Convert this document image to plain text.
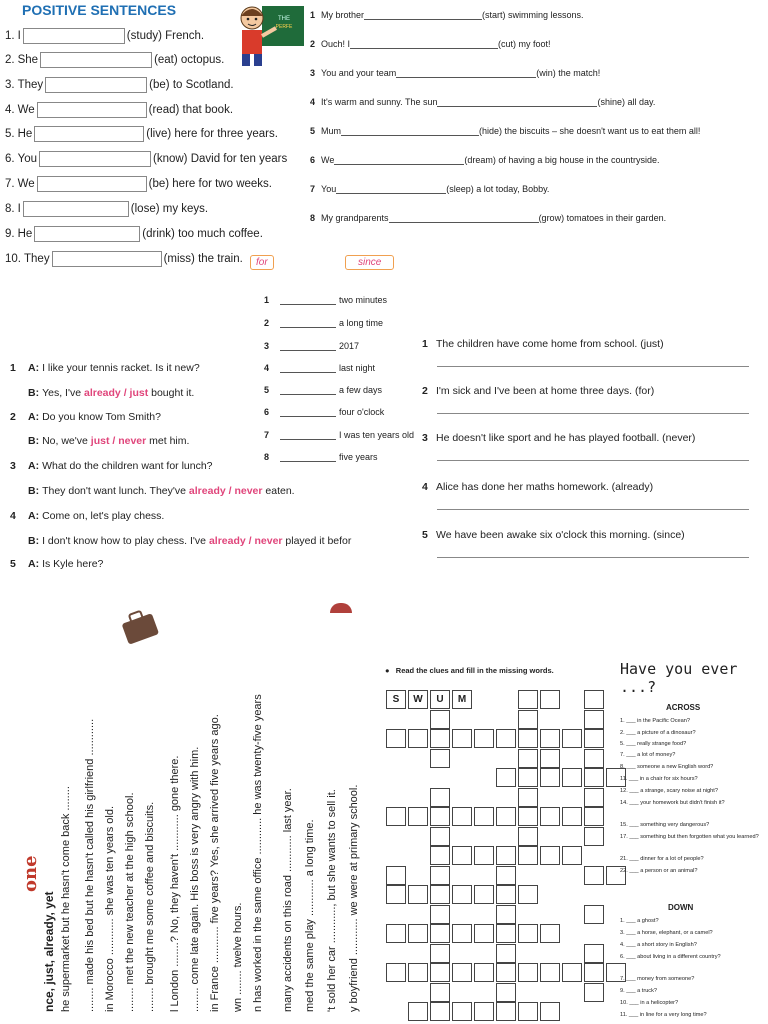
POSITIVE SENTENCES
1. I	(study) French.
2. She	(eat) octopus.
3. They	(be) to Scotland.
4. We	(read) that book.
5. He	(live) here for three years.
6. You	(know) David for ten years
7. We	(be) here for two weeks.
8. I	(lose) my keys.
9. He	(drink) too much coffee.
10. They	(miss) the train.	for	since
THE
PERFE
1 My brother	(start) swimming lessons.
2 Ouch! I	(cut) my foot!
3 You and your team	(win) the match!
4 It's warm and sunny. The sun	(shine) all day.
5 Mum	(hide) the biscuits – she doesn't want us to eat them all!
6 We	(dream) of having a big house in the countryside.
7 You	(sleep) a lot today, Bobby.
8 My grandparents	(grow) tomatoes in their garden.
1	two minutes
2	a long time
3	2017
4	last night
5	a few days
6	four o'clock
7	I was ten years old
8	five years
1 A: I like your tennis racket. Is it new?
B: Yes, I've already / just bought it.
2 A: Do you know Tom Smith?
B: No, we've just / never met him.
3 A: What do the children want for lunch?
B: They don't want lunch. They've already / never eaten.
4 A: Come on, let's play chess.
B: I don't know how to play chess. I've already / never played it befor
5 A: Is Kyle here?
1 The children have come home from school. (just)
2 I'm sick and I've been at home three days. (for)
3 He doesn't like sport and he has played football. (never)
4 Alice has done her maths homework. (already)
5 We have been awake six o'clock this morning. (since)
one
nce, just, already, yet he supermarket but he hasn't come back ........ ........ made his bed but he hasn't called his girlfriend ............ in Morocco ............ she was ten years old. ........ met the new teacher at the high school. ........ brought me some coffee and biscuits. l London ........? No, they haven't ............ gone there. ........ come late again. His boss is very angry with him. in France ............ five years? Yes, she arrived five years ago. wn ........ twelve hours. n has worked in the same office ............ he was twenty-five years many accidents on this road ............ last year. med the same play ............ a long time. 't sold her car ............, but she wants to sell it. y boyfriend ............ we were at primary school.
●   Read the clues and fill in the missing words.	Have you ever ...?
S	W	U	M
ACROSS
1. ___ in the Pacific Ocean?
2. ___ a picture of a dinosaur?
5. ___ really strange food?
7. ___ a lot of money?
8. ___ someone a new English word?
11. ___ in a chair for six hours?
12. ___ a strange, scary noise at night?
14. ___ your homework but didn't finish it?
15. ___ something very dangerous?
17. ___ something but then forgotten what you learned?
21. ___ dinner for a lot of people?
22. ___ a person or an animal?
DOWN
1. ___ a ghost?
3. ___ a horse, elephant, or a camel?
4. ___ a short story in English?
6. ___ about living in a different country?
7. ___ money from someone?
9. ___ a truck?
10. ___ in a helicopter?
11. ___ in line for a very long time?
